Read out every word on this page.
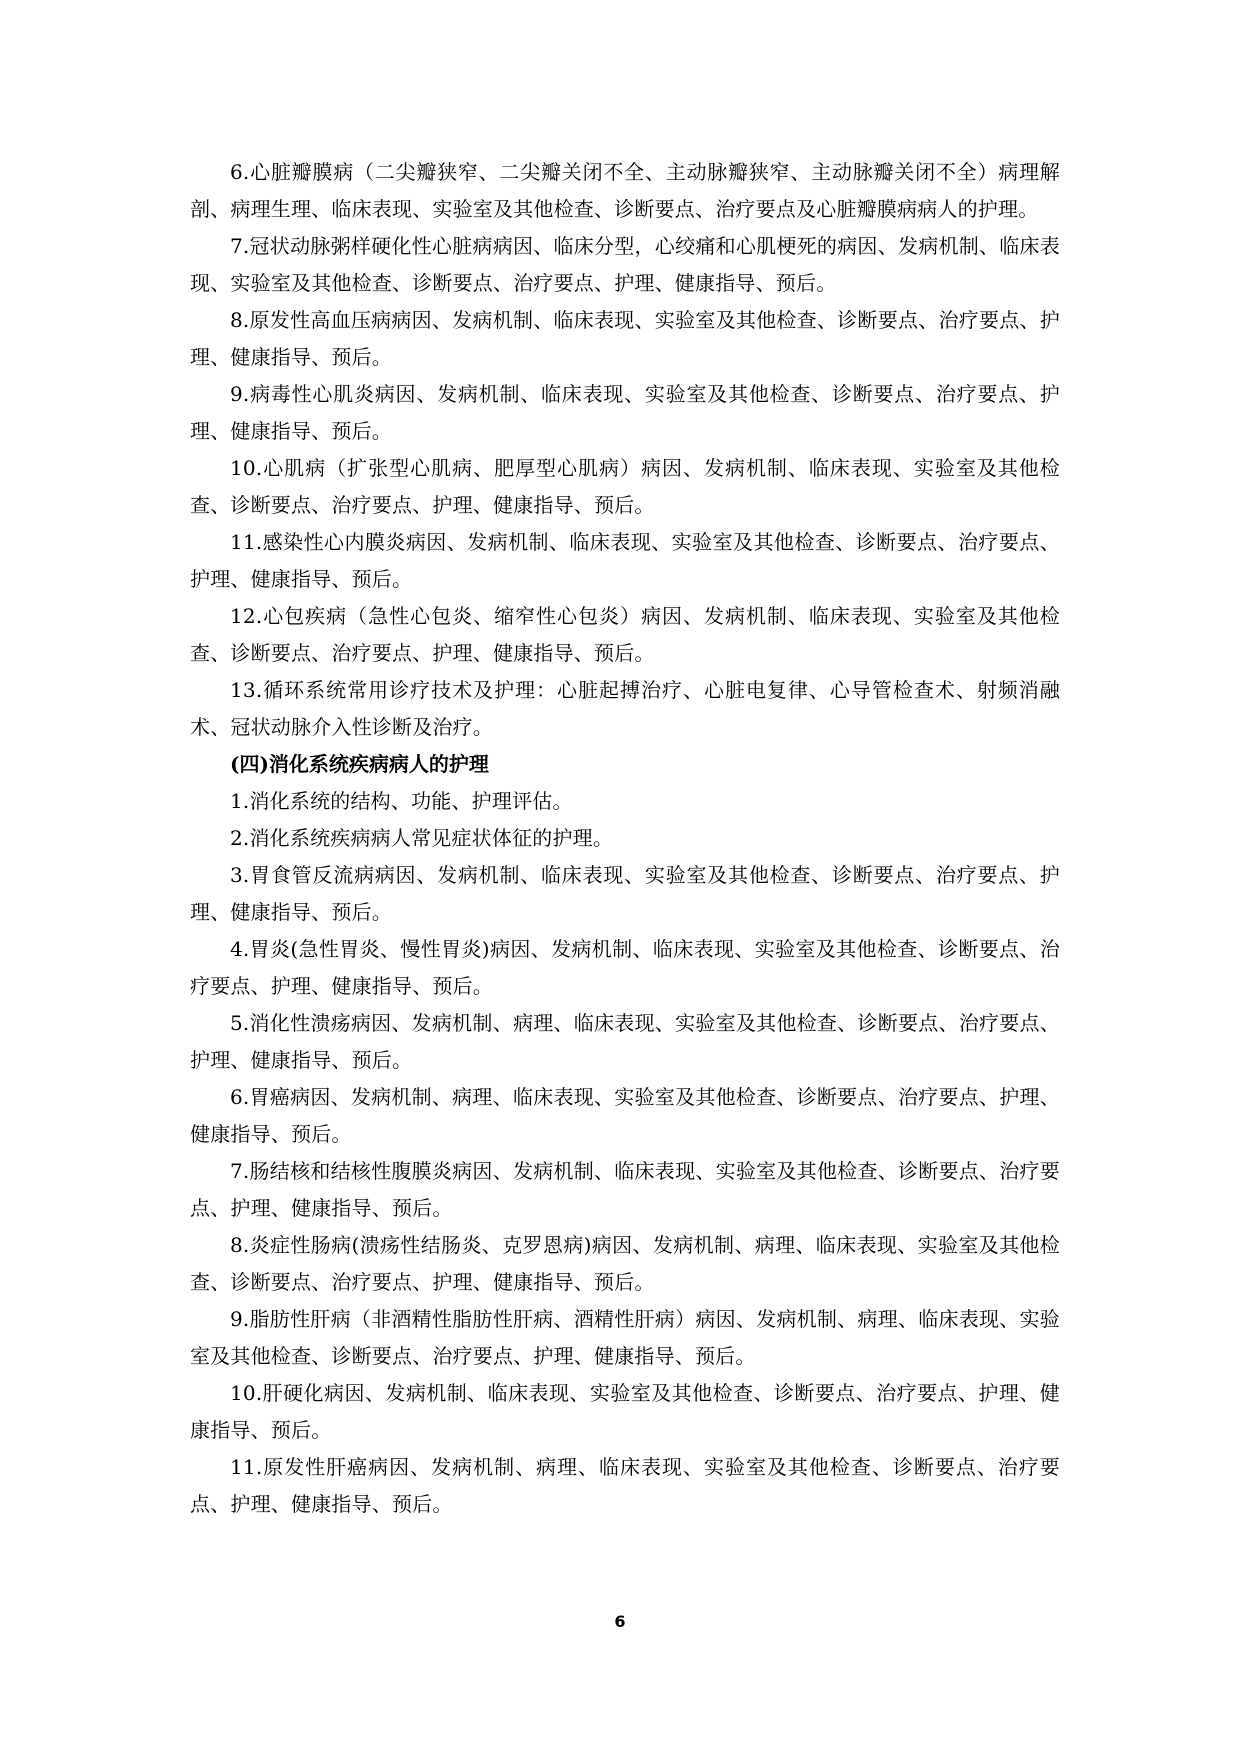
6.心脏瓣膜病（二尖瓣狭窄、二尖瓣关闭不全、主动脉瓣狭窄、主动脉瓣关闭不全）病理解剖、病理生理、临床表现、实验室及其他检查、诊断要点、治疗要点及心脏瓣膜病病人的护理。

7.冠状动脉粥样硬化性心脏病病因、临床分型，心绞痛和心肌梗死的病因、发病机制、临床表现、实验室及其他检查、诊断要点、治疗要点、护理、健康指导、预后。

8.原发性高血压病病因、发病机制、临床表现、实验室及其他检查、诊断要点、治疗要点、护理、健康指导、预后。

9.病毒性心肌炎病因、发病机制、临床表现、实验室及其他检查、诊断要点、治疗要点、护理、健康指导、预后。

10.心肌病（扩张型心肌病、肥厚型心肌病）病因、发病机制、临床表现、实验室及其他检查、诊断要点、治疗要点、护理、健康指导、预后。

11.感染性心内膜炎病因、发病机制、临床表现、实验室及其他检查、诊断要点、治疗要点、护理、健康指导、预后。

12.心包疾病（急性心包炎、缩窄性心包炎）病因、发病机制、临床表现、实验室及其他检查、诊断要点、治疗要点、护理、健康指导、预后。

13.循环系统常用诊疗技术及护理：心脏起搏治疗、心脏电复律、心导管检查术、射频消融术、冠状动脉介入性诊断及治疗。

(四)消化系统疾病病人的护理

1.消化系统的结构、功能、护理评估。

2.消化系统疾病病人常见症状体征的护理。

3.胃食管反流病病因、发病机制、临床表现、实验室及其他检查、诊断要点、治疗要点、护理、健康指导、预后。

4.胃炎(急性胃炎、慢性胃炎)病因、发病机制、临床表现、实验室及其他检查、诊断要点、治疗要点、护理、健康指导、预后。

5.消化性溃疡病因、发病机制、病理、临床表现、实验室及其他检查、诊断要点、治疗要点、护理、健康指导、预后。

6.胃癌病因、发病机制、病理、临床表现、实验室及其他检查、诊断要点、治疗要点、护理、健康指导、预后。

7.肠结核和结核性腹膜炎病因、发病机制、临床表现、实验室及其他检查、诊断要点、治疗要点、护理、健康指导、预后。

8.炎症性肠病(溃疡性结肠炎、克罗恩病)病因、发病机制、病理、临床表现、实验室及其他检查、诊断要点、治疗要点、护理、健康指导、预后。

9.脂肪性肝病（非酒精性脂肪性肝病、酒精性肝病）病因、发病机制、病理、临床表现、实验室及其他检查、诊断要点、治疗要点、护理、健康指导、预后。

10.肝硬化病因、发病机制、临床表现、实验室及其他检查、诊断要点、治疗要点、护理、健康指导、预后。

11.原发性肝癌病因、发病机制、病理、临床表现、实验室及其他检查、诊断要点、治疗要点、护理、健康指导、预后。

6
